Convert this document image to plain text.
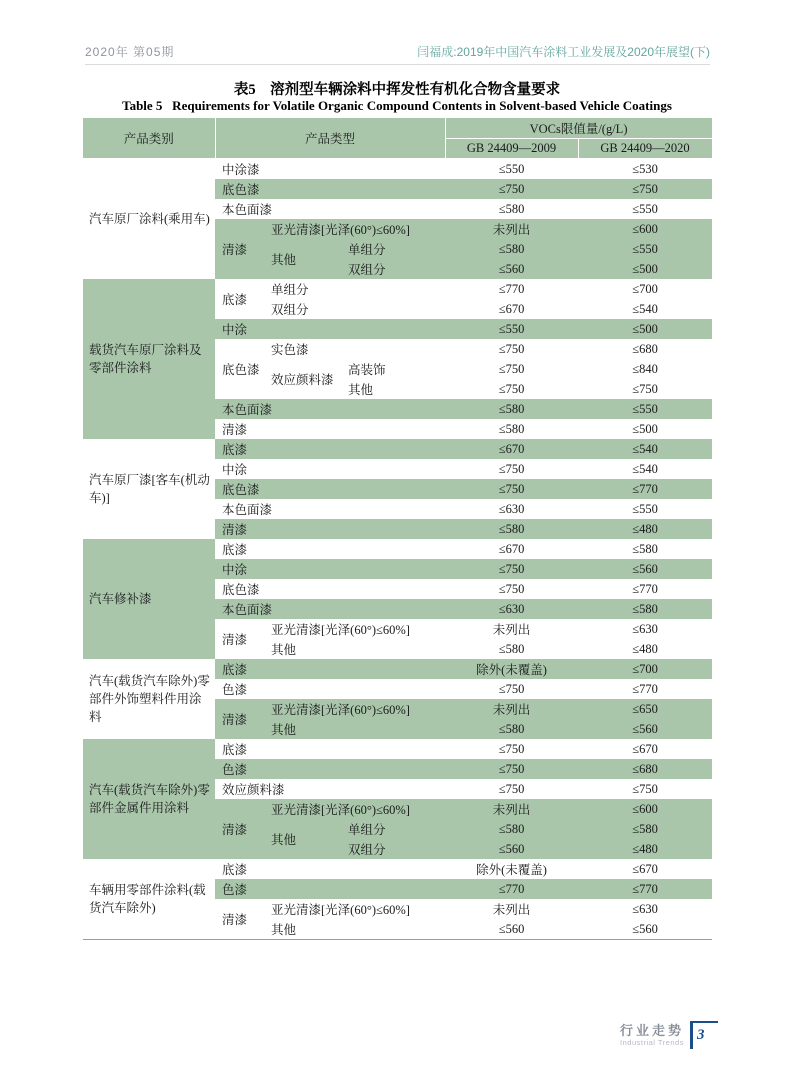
2020年 第05期	闫福成:2019年中国汽车涂料工业发展及2020年展望(下)
表5 溶剂型车辆涂料中挥发性有机化合物含量要求
Table 5  Requirements for Volatile Organic Compound Contents in Solvent-based Vehicle Coatings
产品类别	产品类型			VOCs限值量/(g/L)	
				GB 24409—2009	GB 24409—2020
汽车原厂涂料(乘用车)	中涂漆			≤550	≤530
	底色漆			≤750	≤750
	本色面漆			≤580	≤550
	清漆	亚光清漆[光泽(60°)≤60%]		未列出	≤600
		其他	单组分	≤580	≤550
			双组分	≤560	≤500
载货汽车原厂涂料及零部件涂料	底漆	单组分		≤770	≤700
		双组分		≤670	≤540
	中涂			≤550	≤500
	底色漆	实色漆		≤750	≤680
		效应颜料漆	高装饰	≤750	≤840
			其他	≤750	≤750
	本色面漆			≤580	≤550
	清漆			≤580	≤500
汽车原厂漆[客车(机动车)]	底漆			≤670	≤540
	中涂			≤750	≤540
	底色漆			≤750	≤770
	本色面漆			≤630	≤550
	清漆			≤580	≤480
汽车修补漆	底漆			≤670	≤580
	中涂			≤750	≤560
	底色漆			≤750	≤770
	本色面漆			≤630	≤580
	清漆	亚光清漆[光泽(60°)≤60%]		未列出	≤630
		其他		≤580	≤480
汽车(载货汽车除外)零部件外饰塑料件用涂料	底漆			除外(未覆盖)	≤700
	色漆			≤750	≤770
	清漆	亚光清漆[光泽(60°)≤60%]		未列出	≤650
		其他		≤580	≤560
汽车(载货汽车除外)零部件金属件用涂料	底漆			≤750	≤670
	色漆			≤750	≤680
	效应颜料漆			≤750	≤750
	清漆	亚光清漆[光泽(60°)≤60%]		未列出	≤600
		其他	单组分	≤580	≤580
			双组分	≤560	≤480
车辆用零部件涂料(载货汽车除外)	底漆			除外(未覆盖)	≤670
	色漆			≤770	≤770
	清漆	亚光清漆[光泽(60°)≤60%]		未列出	≤630
		其他		≤560	≤560
行业走势
Industrial Trends 3
